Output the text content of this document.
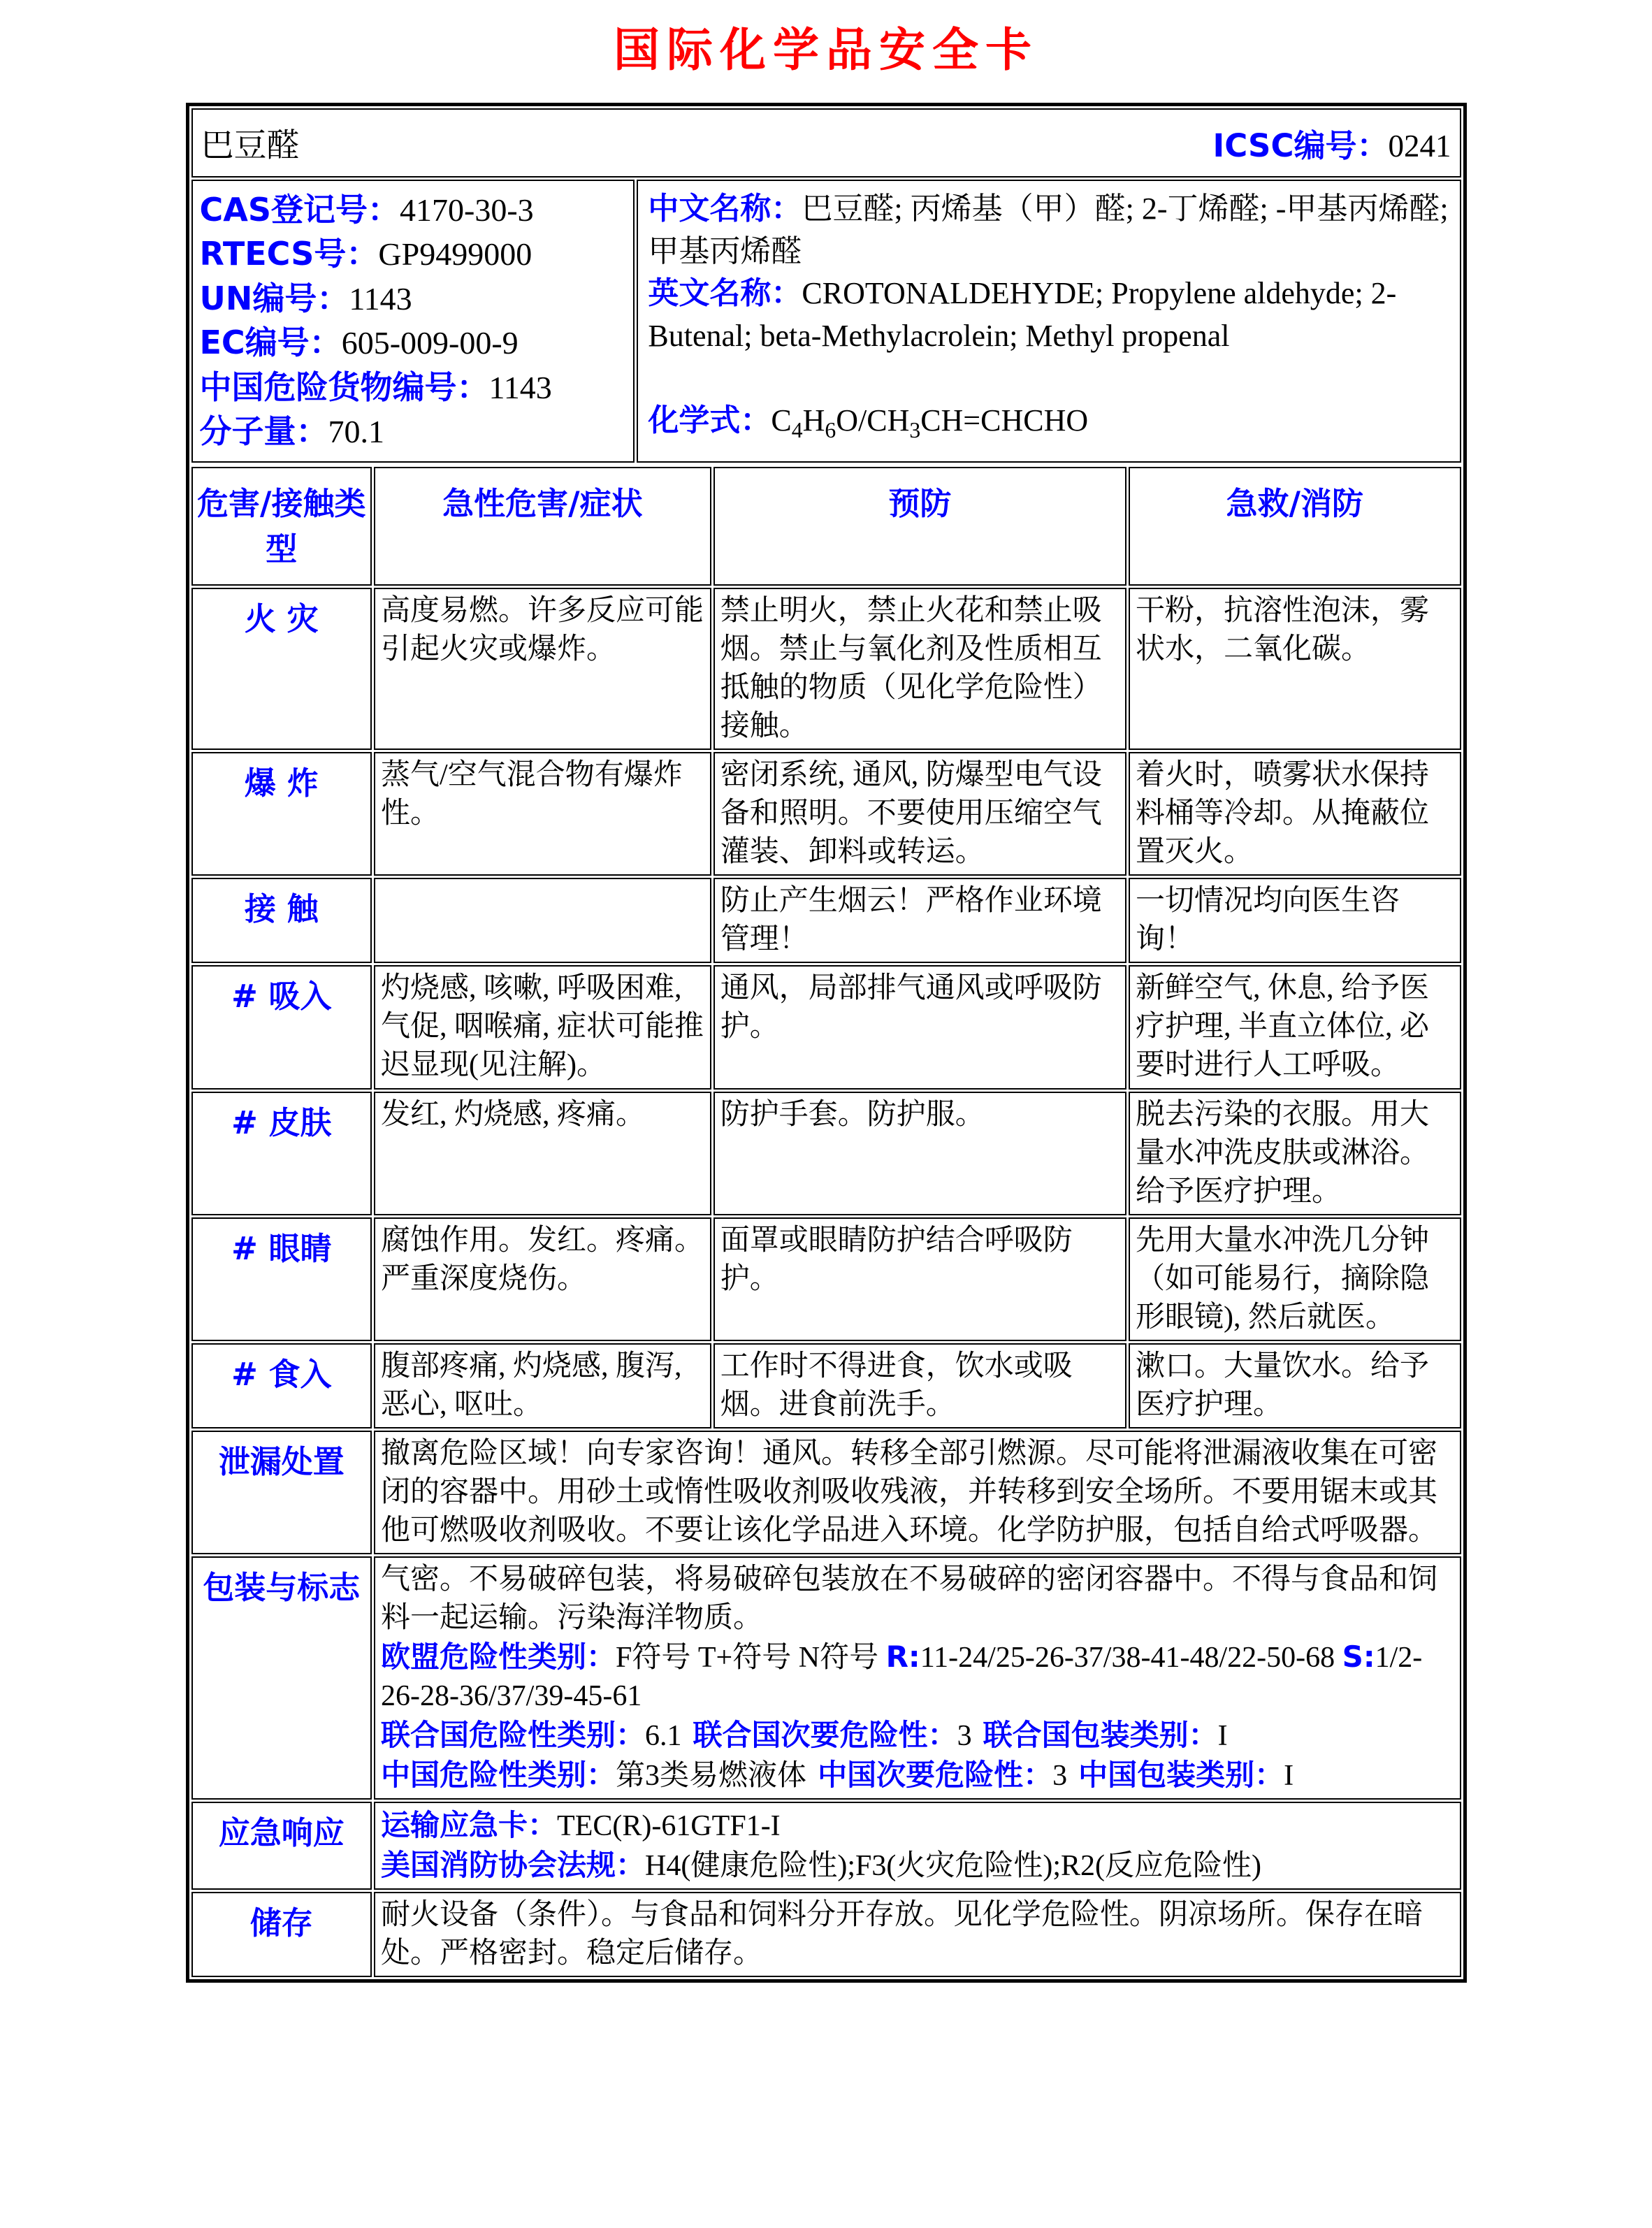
国际化学品安全卡
巴豆醛	ICSC编号：0241

CAS登记号：4170-30-3
RTECS号：GP9499000
UN编号：1143
EC编号：605-009-00-9
中国危险货物编号：1143
分子量：70.1

中文名称：巴豆醛; 丙烯基（甲）醛; 2-丁烯醛; -甲基丙烯醛; 甲基丙烯醛
英文名称：CROTONALDEHYDE; Propylene aldehyde; 2-Butenal; beta-Methylacrolein; Methyl propenal
化学式：$C_4H_6O/CH_3CH=CHCHO$
危害/接触类型	急性危害/症状	预防	急救/消防
火 灾	高度易燃。许多反应可能引起火灾或爆炸。	禁止明火，禁止火花和禁止吸烟。禁止与氧化剂及性质相互抵触的物质（见化学危险性）接触。	干粉，抗溶性泡沫，雾状水，二氧化碳。
爆 炸	蒸气/空气混合物有爆炸性。	密闭系统, 通风, 防爆型电气设备和照明。不要使用压缩空气灌装、卸料或转运。	着火时，喷雾状水保持料桶等冷却。从掩蔽位置灭火。
接 触		防止产生烟云！严格作业环境管理！	一切情况均向医生咨询！
# 吸入	灼烧感, 咳嗽, 呼吸困难, 气促, 咽喉痛, 症状可能推迟显现(见注解)。	通风，局部排气通风或呼吸防护。	新鲜空气, 休息, 给予医疗护理, 半直立体位, 必要时进行人工呼吸。
# 皮肤	发红, 灼烧感, 疼痛。	防护手套。防护服。	脱去污染的衣服。用大量水冲洗皮肤或淋浴。给予医疗护理。
# 眼睛	腐蚀作用。发红。疼痛。严重深度烧伤。	面罩或眼睛防护结合呼吸防护。	先用大量水冲洗几分钟（如可能易行，摘除隐形眼镜), 然后就医。
# 食入	腹部疼痛, 灼烧感, 腹泻, 恶心, 呕吐。	工作时不得进食，饮水或吸烟。进食前洗手。	漱口。大量饮水。给予医疗护理。
泄漏处置	撤离危险区域！向专家咨询！通风。转移全部引燃源。尽可能将泄漏液收集在可密闭的容器中。用砂土或惰性吸收剂吸收残液，并转移到安全场所。不要用锯末或其他可燃吸收剂吸收。不要让该化学品进入环境。化学防护服，包括自给式呼吸器。		
包装与标志	气密。不易破碎包装，将易破碎包装放在不易破碎的密闭容器中。不得与食品和饲料一起运输。污染海洋物质。
欧盟危险性类别：F符号 T+符号 N符号 R:11-24/25-26-37/38-41-48/22-50-68 S:1/2-26-28-36/37/39-45-61
联合国危险性类别：6.1 联合国次要危险性：3 联合国包装类别：I
中国危险性类别：第3类易燃液体 中国次要危险性：3 中国包装类别：I		

应急响应	运输应急卡：TEC(R)-61GTF1-I
美国消防协会法规：H4(健康危险性);F3(火灾危险性);R2(反应危险性)		

储存	耐火设备（条件）。与食品和饲料分开存放。见化学危险性。阴凉场所。保存在暗处。严格密封。稳定后储存。		
